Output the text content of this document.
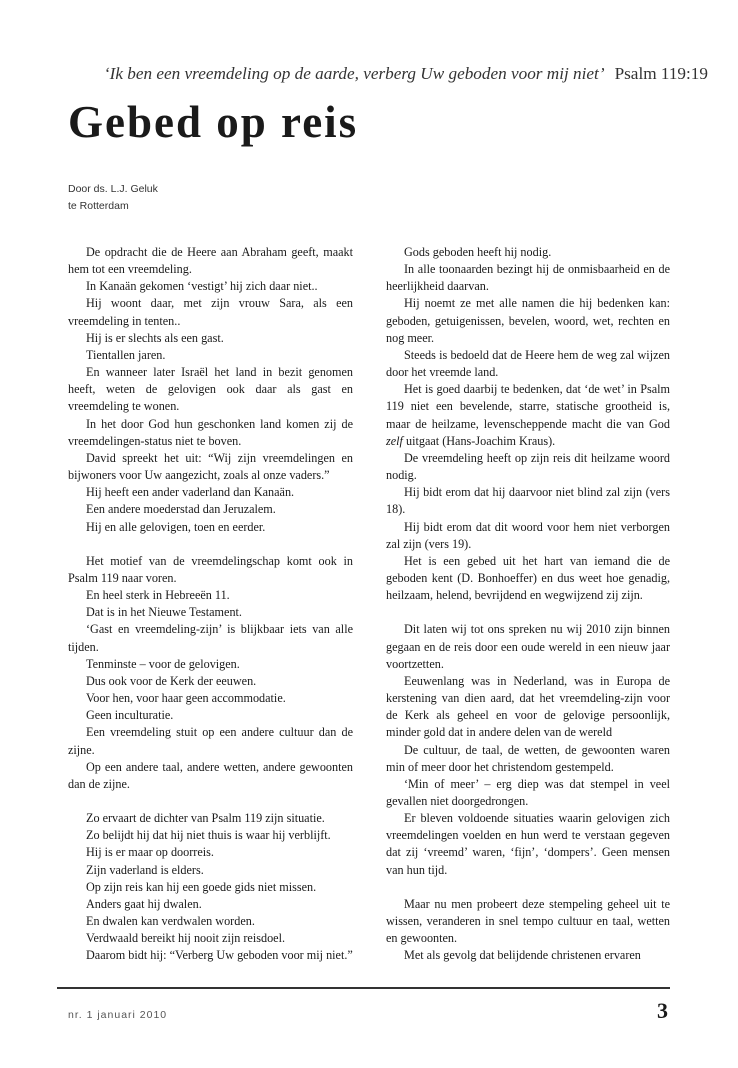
‘Ik ben een vreemdeling op de aarde, verberg Uw geboden voor mij niet’ Psalm 119:19
Gebed op reis
Door ds. L.J. Geluk
te Rotterdam

De opdracht die de Heere aan Abraham geeft, maakt hem tot een vreemdeling.

In Kanaän gekomen ‘vestigt’ hij zich daar niet..

Hij woont daar, met zijn vrouw Sara, als een vreemdeling in tenten..

Hij is er slechts als een gast.

Tientallen jaren.

En wanneer later Israël het land in bezit genomen heeft, weten de gelovigen ook daar als gast en vreemdeling te wonen.

In het door God hun geschonken land komen zij de vreemdelingen-status niet te boven.

David spreekt het uit: “Wij zijn vreemdelingen en bijwoners voor Uw aangezicht, zoals al onze vaders.”

Hij heeft een ander vaderland dan Kanaän.

Een andere moederstad dan Jeruzalem.

Hij en alle gelovigen, toen en eerder.

Het motief van de vreemdelingschap komt ook in Psalm 119 naar voren.

En heel sterk in Hebreeën 11.

Dat is in het Nieuwe Testament.

‘Gast en vreemdeling-zijn’ is blijkbaar iets van alle tijden.

Tenminste – voor de gelovigen.

Dus ook voor de Kerk der eeuwen.

Voor hen, voor haar geen accommodatie.

Geen inculturatie.

Een vreemdeling stuit op een andere cultuur dan de zijne.

Op een andere taal, andere wetten, andere gewoonten dan de zijne.

Zo ervaart de dichter van Psalm 119 zijn situatie.

Zo belijdt hij dat hij niet thuis is waar hij verblijft.

Hij is er maar op doorreis.

Zijn vaderland is elders.

Op zijn reis kan hij een goede gids niet missen.

Anders gaat hij dwalen.

En dwalen kan verdwalen worden.

Verdwaald bereikt hij nooit zijn reisdoel.

Daarom bidt hij: “Verberg Uw geboden voor mij niet.”

Gods geboden heeft hij nodig.

In alle toonaarden bezingt hij de onmisbaarheid en de heerlijkheid daarvan.

Hij noemt ze met alle namen die hij bedenken kan: geboden, getuigenissen, bevelen, woord, wet, rechten en nog meer.

Steeds is bedoeld dat de Heere hem de weg zal wijzen door het vreemde land.

Het is goed daarbij te bedenken, dat ‘de wet’ in Psalm 119 niet een bevelende, starre, statische grootheid is, maar de heilzame, levenscheppende macht die van God zelf uitgaat (Hans-Joachim Kraus).

De vreemdeling heeft op zijn reis dit heilzame woord nodig.

Hij bidt erom dat hij daarvoor niet blind zal zijn (vers 18).

Hij bidt erom dat dit woord voor hem niet verborgen zal zijn (vers 19).

Het is een gebed uit het hart van iemand die de geboden kent (D. Bonhoeffer) en dus weet hoe genadig, heilzaam, helend, bevrijdend en wegwijzend zij zijn.

Dit laten wij tot ons spreken nu wij 2010 zijn binnen gegaan en de reis door een oude wereld in een nieuw jaar voortzetten.

Eeuwenlang was in Nederland, was in Europa de kerstening van dien aard, dat het vreemdeling-zijn voor de Kerk als geheel en voor de gelovige persoonlijk, minder gold dat in andere delen van de wereld

De cultuur, de taal, de wetten, de gewoonten waren min of meer door het christendom gestempeld.

‘Min of meer’ – erg diep was dat stempel in veel gevallen niet doorgedrongen.

Er bleven voldoende situaties waarin gelovigen zich vreemdelingen voelden en hun werd te verstaan gegeven dat zij ‘vreemd’ waren, ‘fijn’, ‘dompers’. Geen mensen van hun tijd.

Maar nu men probeert deze stempeling geheel uit te wissen, veranderen in snel tempo cultuur en taal, wetten en gewoonten.

Met als gevolg dat belijdende christenen ervaren

nr. 1 januari 2010	3
